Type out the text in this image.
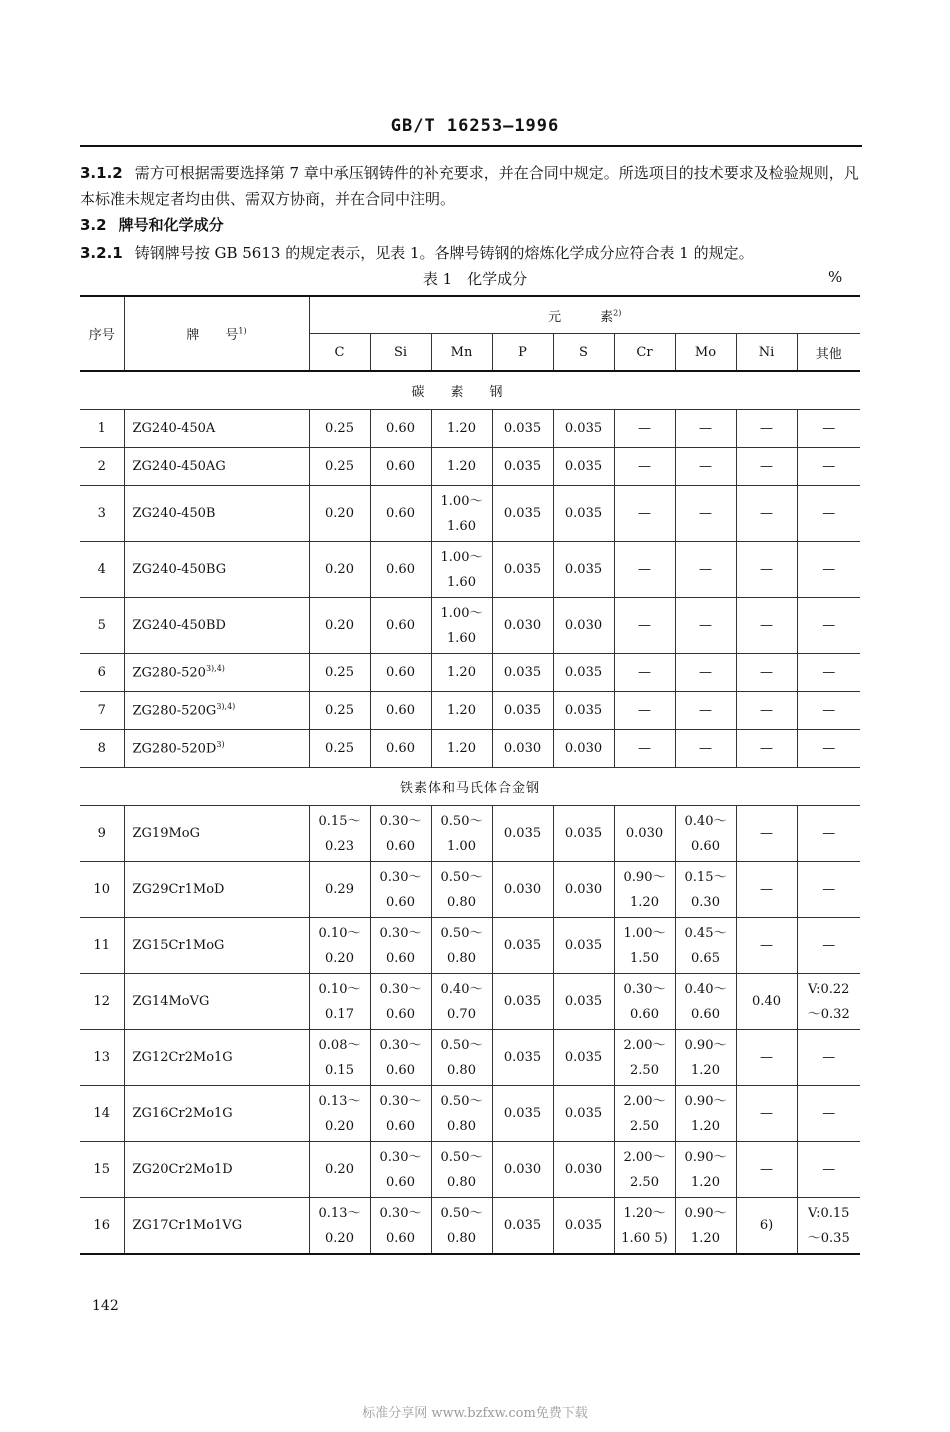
GB/T 16253—1996
3.1.2 需方可根据需要选择第 7 章中承压钢铸件的补充要求，并在合同中规定。所选项目的技术要求及检验规则，凡本标准未规定者均由供、需双方协商，并在合同中注明。
3.2 牌号和化学成分
3.2.1 铸钢牌号按 GB 5613 的规定表示，见表 1。各牌号铸钢的熔炼化学成分应符合表 1 的规定。
表 1　化学成分	%
序号	牌　　号$^{1)}$	元　　　素$^{2)}$
		C	Si	Mn	P	S	Cr	Mo	Ni	其他
碳素钢										
1	ZG240-450A	0.25	0.60	1.20	0.035	0.035	—	—	—	—
2	ZG240-450AG	0.25	0.60	1.20	0.035	0.035	—	—	—	—
3	ZG240-450B	0.20	0.60	1.00～
1.60	0.035	0.035	—	—	—	—
4	ZG240-450BG	0.20	0.60	1.00～
1.60	0.035	0.035	—	—	—	—
5	ZG240-450BD	0.20	0.60	1.00～
1.60	0.030	0.030	—	—	—	—
6	$ZG280-520^{3),4)}$	0.25	0.60	1.20	0.035	0.035	—	—	—	—
7	$ZG280-520G^{3),4)}$	0.25	0.60	1.20	0.035	0.035	—	—	—	—
8	$ZG280-520D^{3)}$	0.25	0.60	1.20	0.030	0.030	—	—	—	—
铁素体和马氏体合金钢										
9	ZG19MoG	0.15～
0.23	0.30～
0.60	0.50～
1.00	0.035	0.035	0.030	0.40～
0.60	—	—
10	ZG29Cr1MoD	0.29	0.30～
0.60	0.50～
0.80	0.030	0.030	0.90～
1.20	0.15～
0.30	—	—
11	ZG15Cr1MoG	0.10～
0.20	0.30～
0.60	0.50～
0.80	0.035	0.035	1.00～
1.50	0.45～
0.65	—	—
12	ZG14MoVG	0.10～
0.17	0.30～
0.60	0.40～
0.70	0.035	0.035	0.30～
0.60	0.40～
0.60	0.40	V:0.22
～0.32

13	ZG12Cr2Mo1G	0.08～
0.15	0.30～
0.60	0.50～
0.80	0.035	0.035	2.00～
2.50	0.90～
1.20	—	—
14	ZG16Cr2Mo1G	0.13～
0.20	0.30～
0.60	0.50～
0.80	0.035	0.035	2.00～
2.50	0.90～
1.20	—	—
15	ZG20Cr2Mo1D	0.20	0.30～
0.60	0.50～
0.80	0.030	0.030	2.00～
2.50	0.90～
1.20	—	—
16	ZG17Cr1Mo1VG	0.13～
0.20	0.30～
0.60	0.50～
0.80	0.035	0.035	1.20～
1.60 5)	0.90～
1.20	6)	V:0.15
～0.35
142
标准分享网 www.bzfxw.com免费下载
